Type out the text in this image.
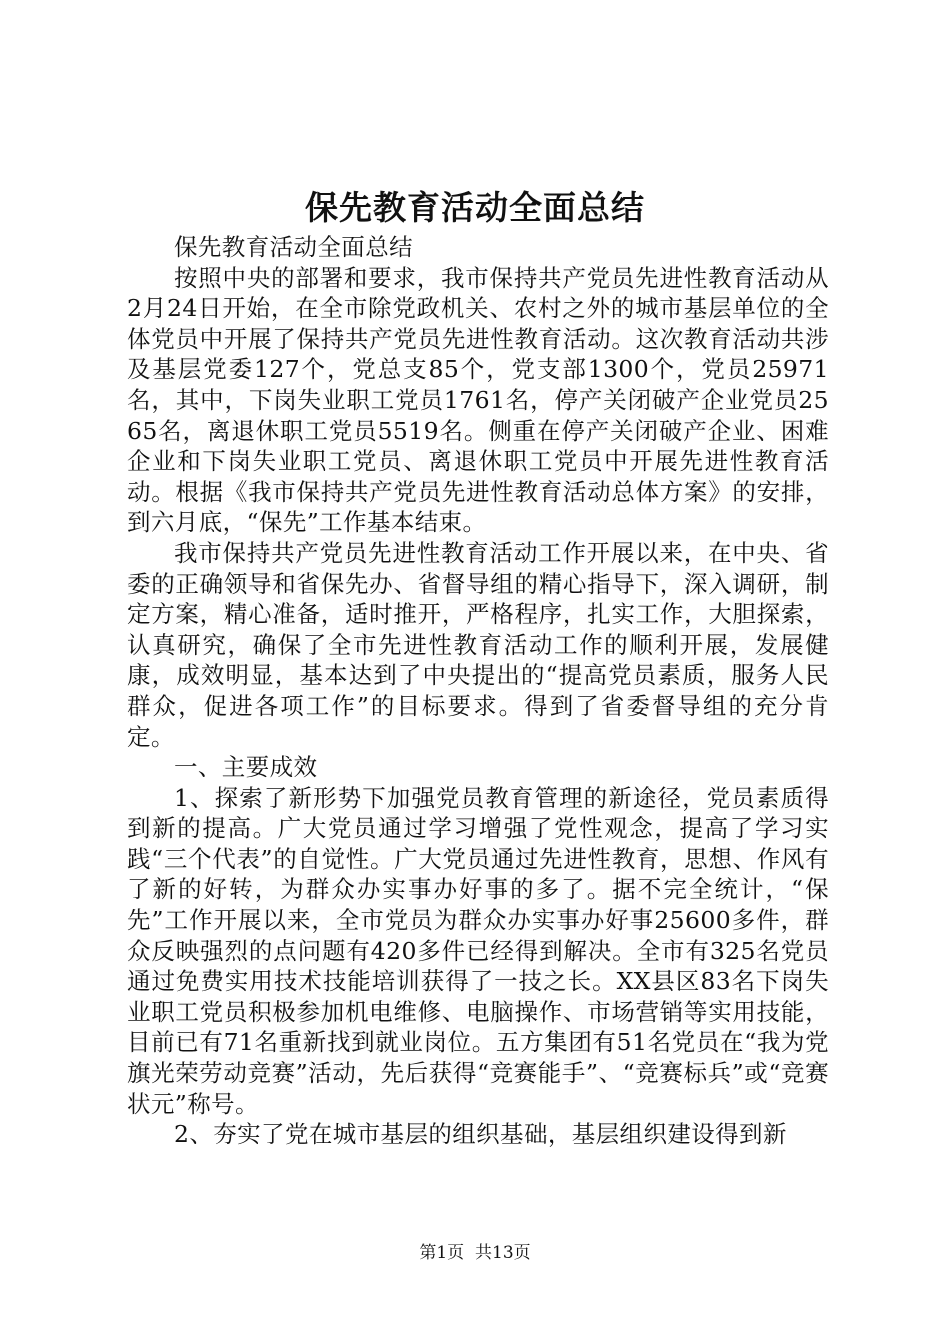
保先教育活动全面总结

保先教育活动全面总结

按照中央的部署和要求，我市保持共产党员先进性教育活动从2月24日开始，在全市除党政机关、农村之外的城市基层单位的全体党员中开展了保持共产党员先进性教育活动。这次教育活动共涉及基层党委127个，党总支85个，党支部1300个，党员25971名，其中，下岗失业职工党员1761名，停产关闭破产企业党员2565名，离退休职工党员5519名。侧重在停产关闭破产企业、困难企业和下岗失业职工党员、离退休职工党员中开展先进性教育活动。根据《我市保持共产党员先进性教育活动总体方案》的安排，到六月底，“保先”工作基本结束。

我市保持共产党员先进性教育活动工作开展以来，在中央、省委的正确领导和省保先办、省督导组的精心指导下，深入调研，制定方案，精心准备，适时推开，严格程序，扎实工作，大胆探索，认真研究，确保了全市先进性教育活动工作的顺利开展，发展健康，成效明显，基本达到了中央提出的“提高党员素质，服务人民群众，促进各项工作”的目标要求。得到了省委督导组的充分肯定。

一、主要成效

1、探索了新形势下加强党员教育管理的新途径，党员素质得到新的提高。广大党员通过学习增强了党性观念，提高了学习实践“三个代表”的自觉性。广大党员通过先进性教育，思想、作风有了新的好转，为群众办实事办好事的多了。据不完全统计，“保先”工作开展以来，全市党员为群众办实事办好事25600多件，群众反映强烈的点问题有420多件已经得到解决。全市有325名党员通过免费实用技术技能培训获得了一技之长。XX县区83名下岗失业职工党员积极参加机电维修、电脑操作、市场营销等实用技能，目前已有71名重新找到就业岗位。五方集团有51名党员在“我为党旗光荣劳动竞赛”活动，先后获得“竞赛能手”、“竞赛标兵”或“竞赛状元”称号。

2、夯实了党在城市基层的组织基础，基层组织建设得到新

第1页 共13页
